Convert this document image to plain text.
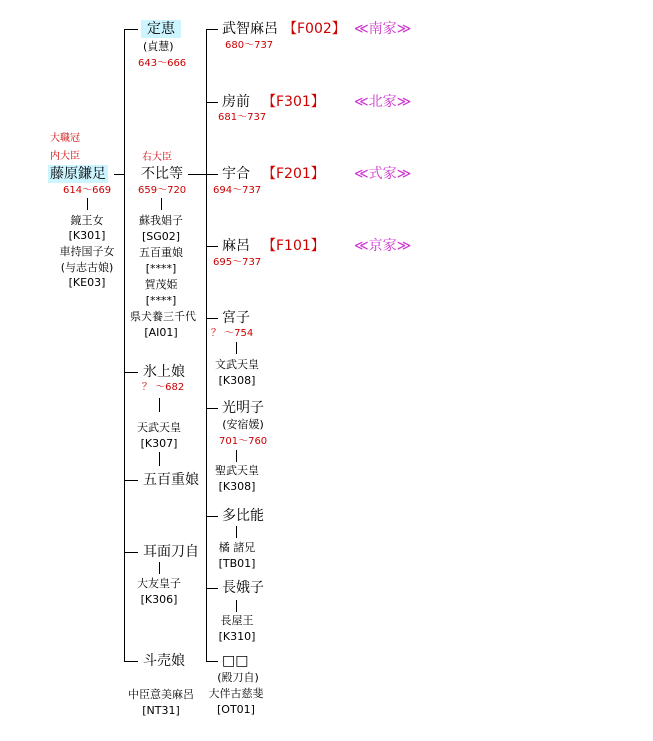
大職冠
内大臣
藤原鎌足
614～669
鏡王女
[K301]
車持国子女
(与志古娘)
[KE03]
定恵
(貞慧)
643～666
右大臣
不比等
659～720
蘇我娼子
[SG02]
五百重娘
[****]
賀茂姫
[****]
県犬養三千代
[AI01]
氷上娘
？ ～682
天武天皇
[K307]
五百重娘
耳面刀自
大友皇子
[K306]
斗売娘
中臣意美麻呂
[NT31]
武智麻呂 【F002】 ≪南家≫
680～737
房前 【F301】 ≪北家≫
681～737
宇合 【F201】 ≪式家≫
694～737
麻呂 【F101】 ≪京家≫
695～737
宮子
？ ～754
文武天皇
[K308]
光明子
(安宿媛)
701～760
聖武天皇
[K308]
多比能
橘 諸兄
[TB01]
長娥子
長屋王
[K310]
□□
(殿刀自)
大伴古慈斐
[OT01]
